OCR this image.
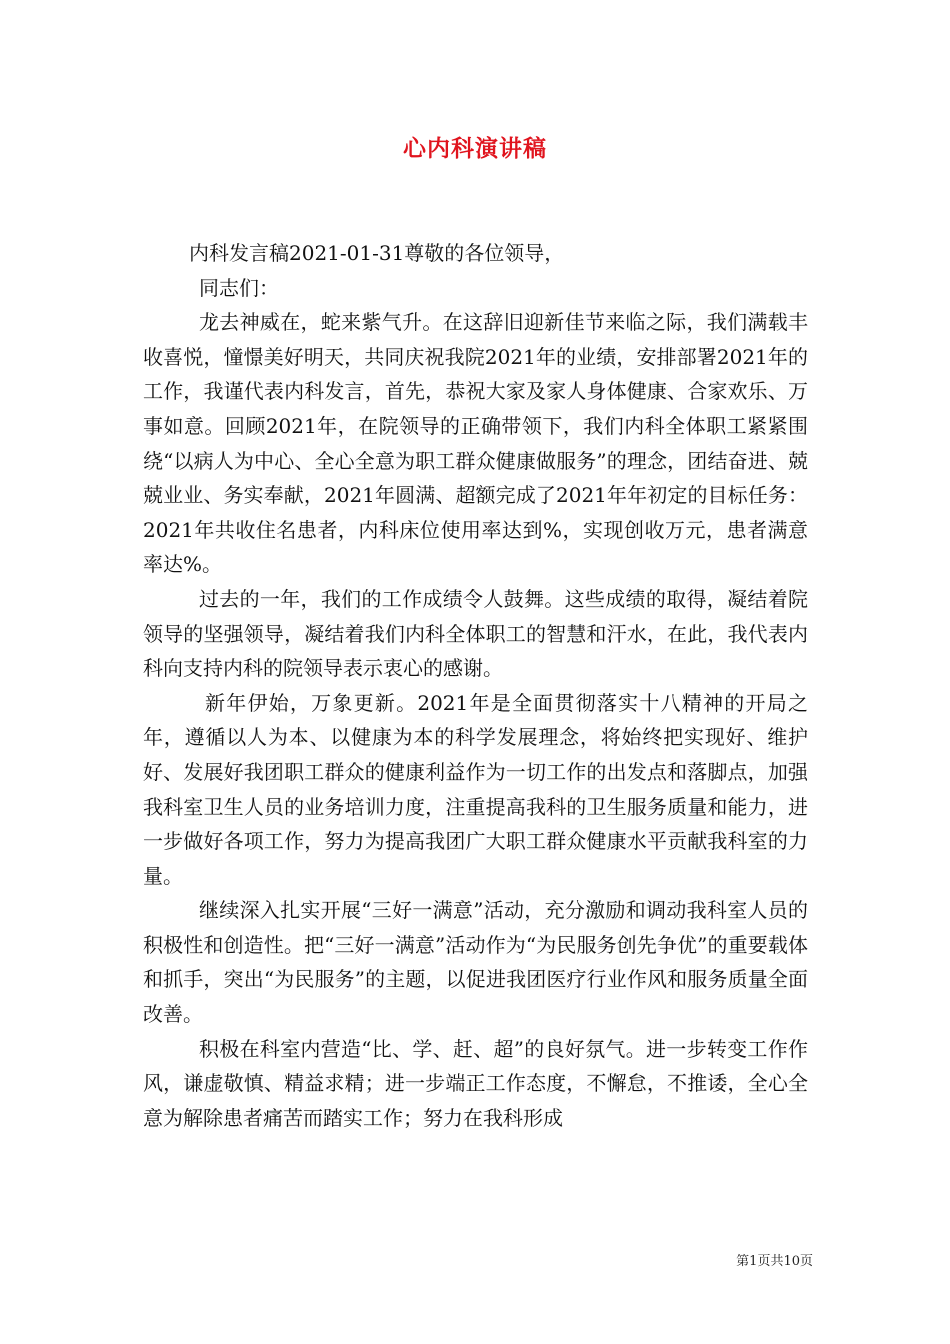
心内科演讲稿

内科发言稿2021-01-31尊敬的各位领导，

同志们：

龙去神威在，蛇来紫气升。在这辞旧迎新佳节来临之际，我们满载丰收喜悦，憧憬美好明天，共同庆祝我院2021年的业绩，安排部署2021年的工作，我谨代表内科发言，首先，恭祝大家及家人身体健康、合家欢乐、万事如意。回顾2021年，在院领导的正确带领下，我们内科全体职工紧紧围绕“以病人为中心、全心全意为职工群众健康做服务”的理念，团结奋进、兢兢业业、务实奉献，2021年圆满、超额完成了2021年年初定的目标任务：2021年共收住名患者，内科床位使用率达到%，实现创收万元，患者满意率达%。

过去的一年，我们的工作成绩令人鼓舞。这些成绩的取得，凝结着院领导的坚强领导，凝结着我们内科全体职工的智慧和汗水，在此，我代表内科向支持内科的院领导表示衷心的感谢。

新年伊始，万象更新。2021年是全面贯彻落实十八精神的开局之年，遵循以人为本、以健康为本的科学发展理念，将始终把实现好、维护好、发展好我团职工群众的健康利益作为一切工作的出发点和落脚点，加强我科室卫生人员的业务培训力度，注重提高我科的卫生服务质量和能力，进一步做好各项工作，努力为提高我团广大职工群众健康水平贡献我科室的力量。

继续深入扎实开展“三好一满意”活动，充分激励和调动我科室人员的积极性和创造性。把“三好一满意”活动作为“为民服务创先争优”的重要载体和抓手，突出“为民服务”的主题，以促进我团医疗行业作风和服务质量全面改善。

积极在科室内营造“比、学、赶、超”的良好氛气。进一步转变工作作风，谦虚敬慎、精益求精；进一步端正工作态度，不懈怠，不推诿，全心全意为解除患者痛苦而踏实工作；努力在我科形成

第1页共10页
